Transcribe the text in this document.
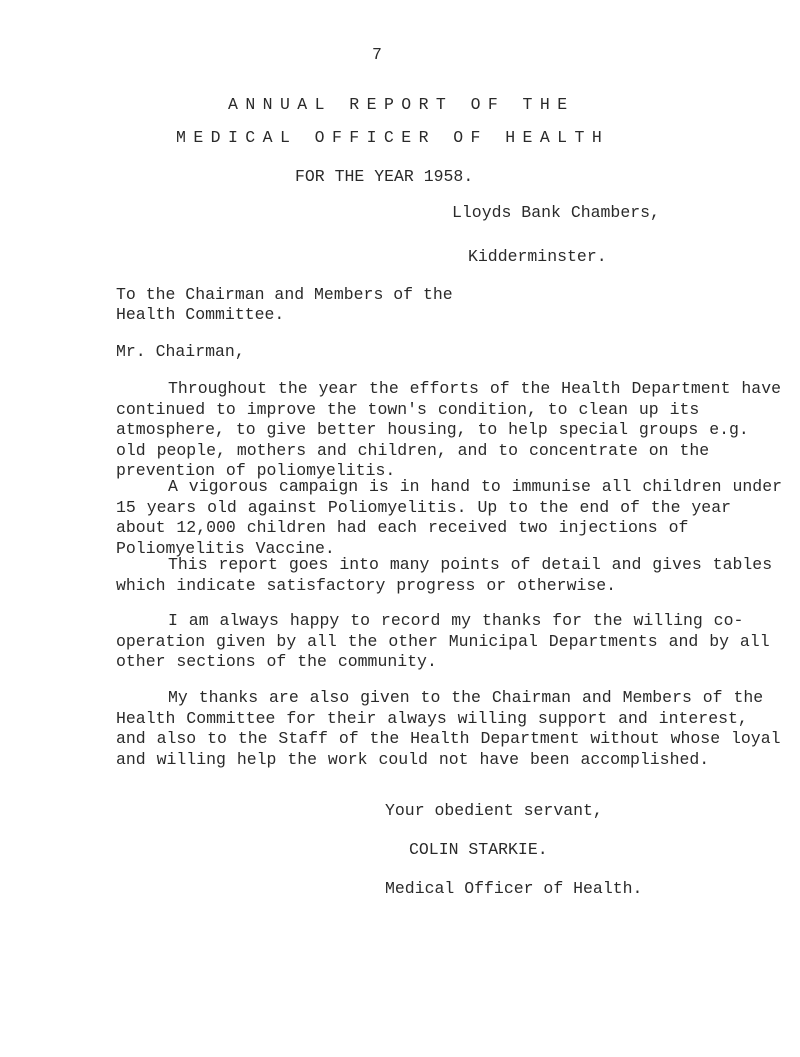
7
ANNUAL REPORT OF THE
MEDICAL OFFICER OF HEALTH
FOR THE YEAR 1958.
Lloyds Bank Chambers,
Kidderminster.
To the Chairman and Members of the
Health Committee.
Mr. Chairman,
Throughout the year the efforts of the Health Department have continued to improve the town's condition, to clean up its atmosphere, to give better housing, to help special groups e.g. old people, mothers and children, and to concentrate on the prevention of poliomyelitis.
A vigorous campaign is in hand to immunise all children under 15 years old against Poliomyelitis. Up to the end of the year about 12,000 children had each received two injections of Poliomyelitis Vaccine.
This report goes into many points of detail and gives tables which indicate satisfactory progress or otherwise.
I am always happy to record my thanks for the willing co-operation given by all the other Municipal Departments and by all other sections of the community.
My thanks are also given to the Chairman and Members of the Health Committee for their always willing support and interest, and also to the Staff of the Health Department without whose loyal and willing help the work could not have been accomplished.
Your obedient servant,
COLIN STARKIE.
Medical Officer of Health.
